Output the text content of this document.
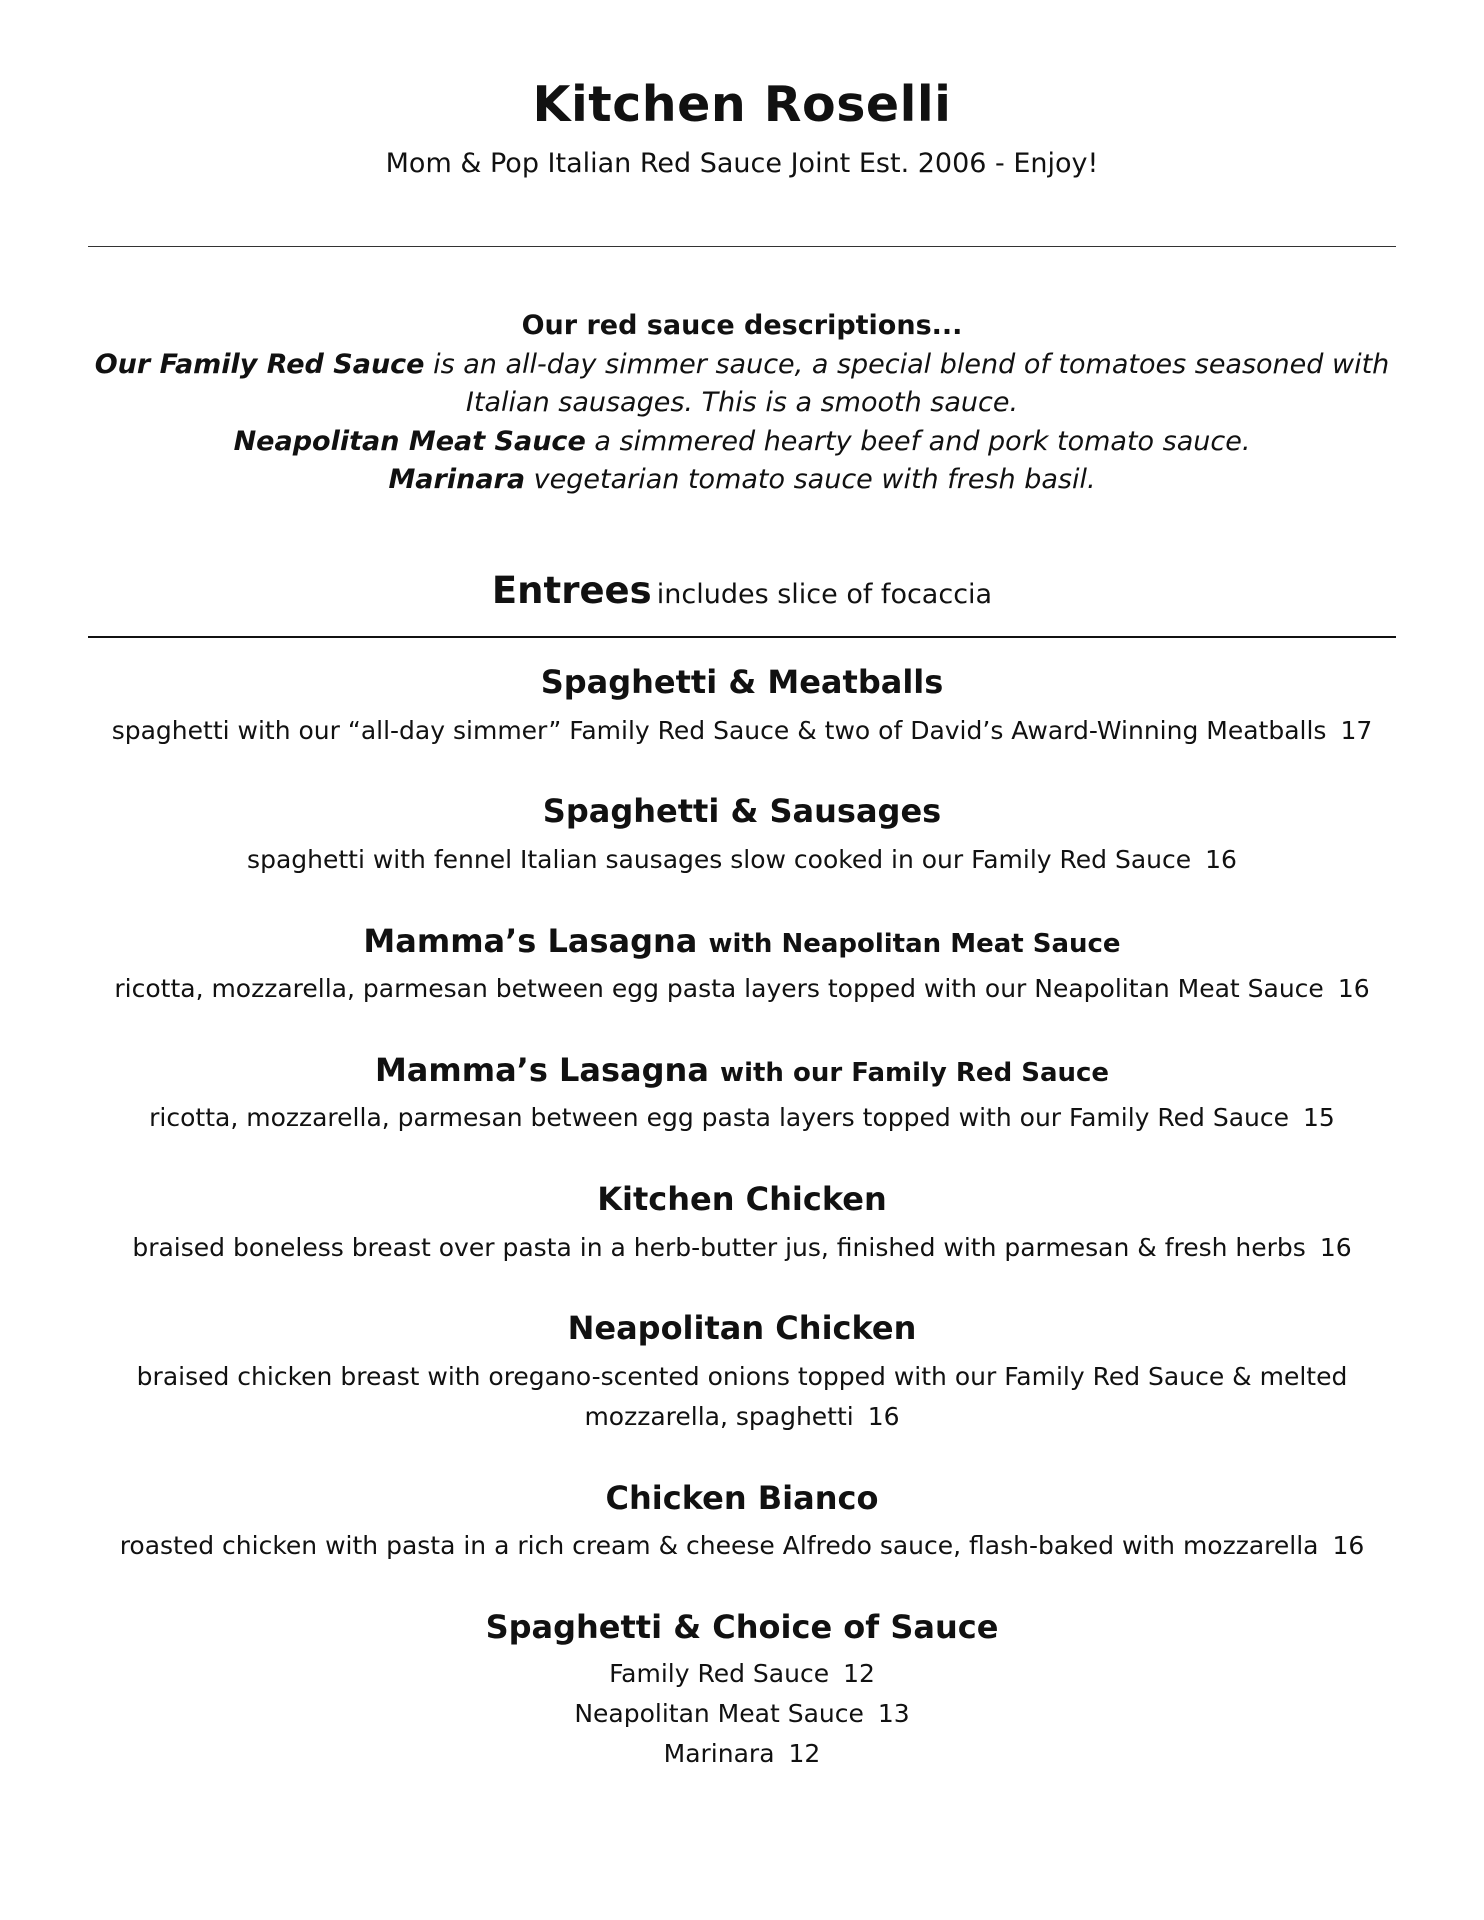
Kitchen Roselli
Mom & Pop Italian Red Sauce Joint Est. 2006 - Enjoy!
Our red sauce descriptions...
Our Family Red Sauce is an all-day simmer sauce, a special blend of tomatoes seasoned with
Italian sausages. This is a smooth sauce.
Neapolitan Meat Sauce a simmered hearty beef and pork tomato sauce.
Marinara vegetarian tomato sauce with fresh basil.
Entrees includes slice of focaccia
Spaghetti & Meatballs
spaghetti with our “all-day simmer” Family Red Sauce & two of David’s Award-Winning Meatballs 17
Spaghetti & Sausages
spaghetti with fennel Italian sausages slow cooked in our Family Red Sauce 16
Mamma’s Lasagna with Neapolitan Meat Sauce
ricotta, mozzarella, parmesan between egg pasta layers topped with our Neapolitan Meat Sauce 16
Mamma’s Lasagna with our Family Red Sauce
ricotta, mozzarella, parmesan between egg pasta layers topped with our Family Red Sauce 15
Kitchen Chicken
braised boneless breast over pasta in a herb-butter jus, finished with parmesan & fresh herbs 16
Neapolitan Chicken
braised chicken breast with oregano-scented onions topped with our Family Red Sauce & melted
mozzarella, spaghetti 16
Chicken Bianco
roasted chicken with pasta in a rich cream & cheese Alfredo sauce, flash-baked with mozzarella 16
Spaghetti & Choice of Sauce
Family Red Sauce 12
Neapolitan Meat Sauce 13
Marinara 12
